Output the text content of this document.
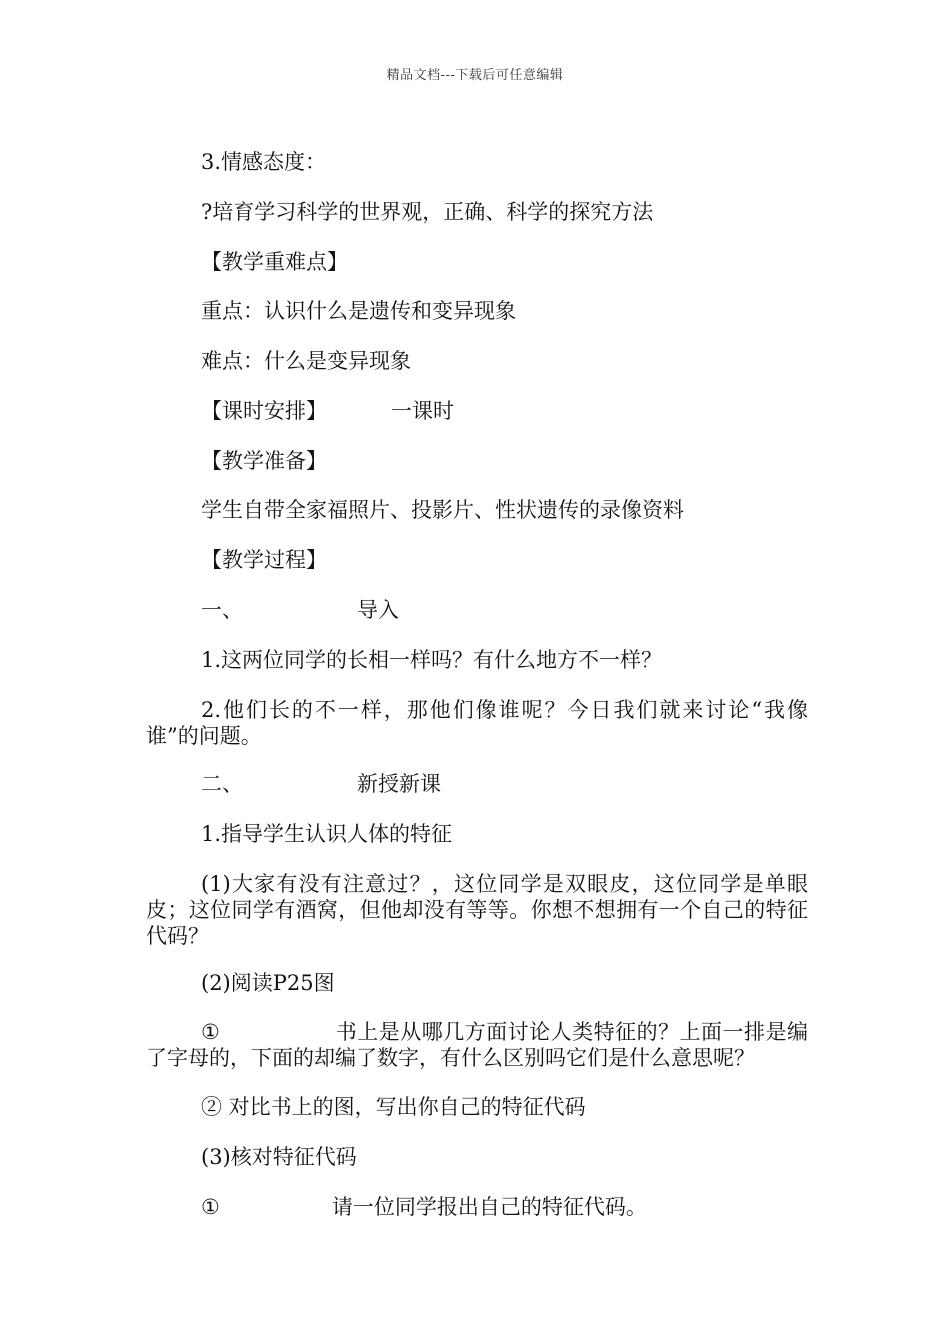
精品文档---下载后可任意编辑
3.情感态度：
?培育学习科学的世界观，正确、科学的探究方法
【教学重难点】
重点：认识什么是遗传和变异现象
难点：什么是变异现象
【课时安排】	一课时
【教学准备】
学生自带全家福照片、投影片、性状遗传的录像资料
【教学过程】
一、	导入
1.这两位同学的长相一样吗？有什么地方不一样？
2.他们长的不一样，那他们像谁呢？今日我们就来讨论“我像谁”的问题。
二、	新授新课
1.指导学生认识人体的特征
(1)大家有没有注意过？，这位同学是双眼皮，这位同学是单眼皮；这位同学有酒窝，但他却没有等等。你想不想拥有一个自己的特征代码？
(2)阅读P25图
①	书上是从哪几方面讨论人类特征的？上面一排是编了字母的，下面的却编了数字，有什么区别吗它们是什么意思呢？
② 对比书上的图，写出你自己的特征代码
(3)核对特征代码
①	请一位同学报出自己的特征代码。
